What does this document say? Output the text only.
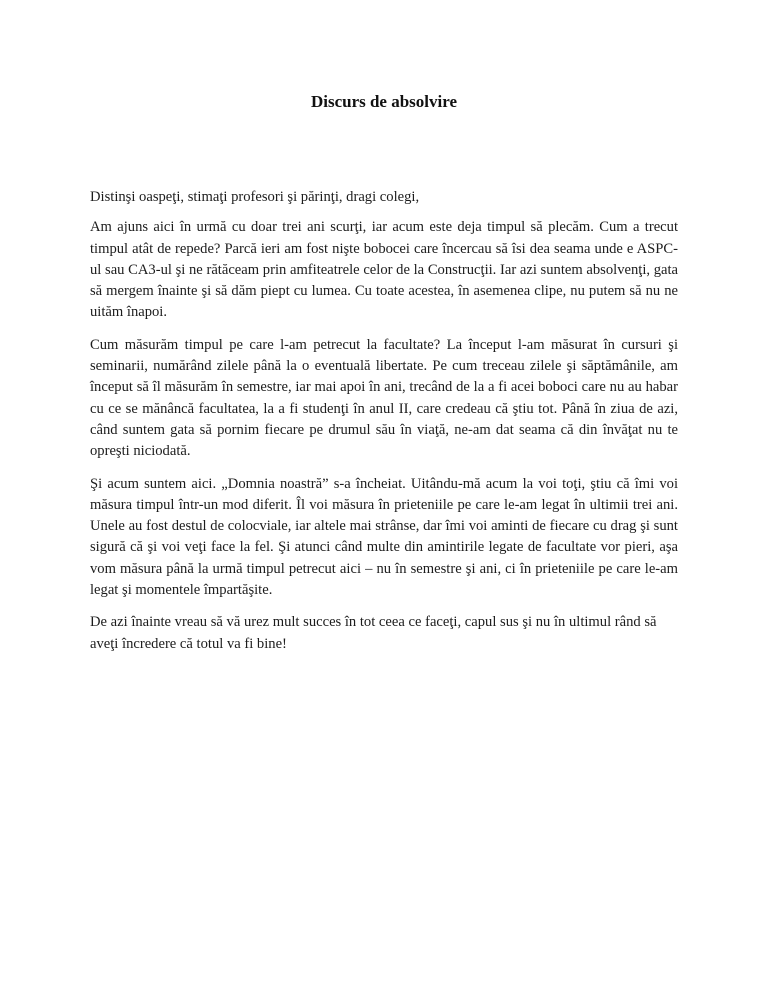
Discurs de absolvire

Distinşi oaspeţi, stimaţi profesori şi părinţi, dragi colegi,

Am ajuns aici în urmă cu doar trei ani scurţi, iar acum este deja timpul să plecăm. Cum a trecut timpul atât de repede? Parcă ieri am fost nişte bobocei care încercau să îsi dea seama unde e ASPC-ul sau CA3-ul şi ne rătăceam prin amfiteatrele celor de la Construcţii. Iar azi suntem absolvenţi, gata să mergem înainte şi să dăm piept cu lumea. Cu toate acestea, în asemenea clipe, nu putem să nu ne uităm înapoi.

Cum măsurăm timpul pe care l-am petrecut la facultate? La început l-am măsurat în cursuri şi seminarii, numărând zilele până la o eventuală libertate. Pe cum treceau zilele şi săptămânile, am început să îl măsurăm în semestre, iar mai apoi în ani, trecând de la a fi acei boboci care nu au habar cu ce se mănâncă facultatea, la a fi studenţi în anul II, care credeau că ştiu tot. Până în ziua de azi, când suntem gata să pornim fiecare pe drumul său în viaţă, ne-am dat seama că din învăţat nu te opreşti niciodată.

Şi acum suntem aici. „Domnia noastră” s-a încheiat. Uitându-mă acum la voi toţi, ştiu că îmi voi măsura timpul într-un mod diferit. Îl voi măsura în prieteniile pe care le-am legat în ultimii trei ani. Unele au fost destul de colocviale, iar altele mai strânse, dar îmi voi aminti de fiecare cu drag şi sunt sigură că şi voi veţi face la fel. Şi atunci când multe din amintirile legate de facultate vor pieri, aşa vom măsura până la urmă timpul petrecut aici – nu în semestre şi ani, ci în prieteniile pe care le-am legat şi momentele împartăşite.

De azi înainte vreau să vă urez mult succes în tot ceea ce faceţi, capul sus şi nu în ultimul rând să aveţi încredere că totul va fi bine!
